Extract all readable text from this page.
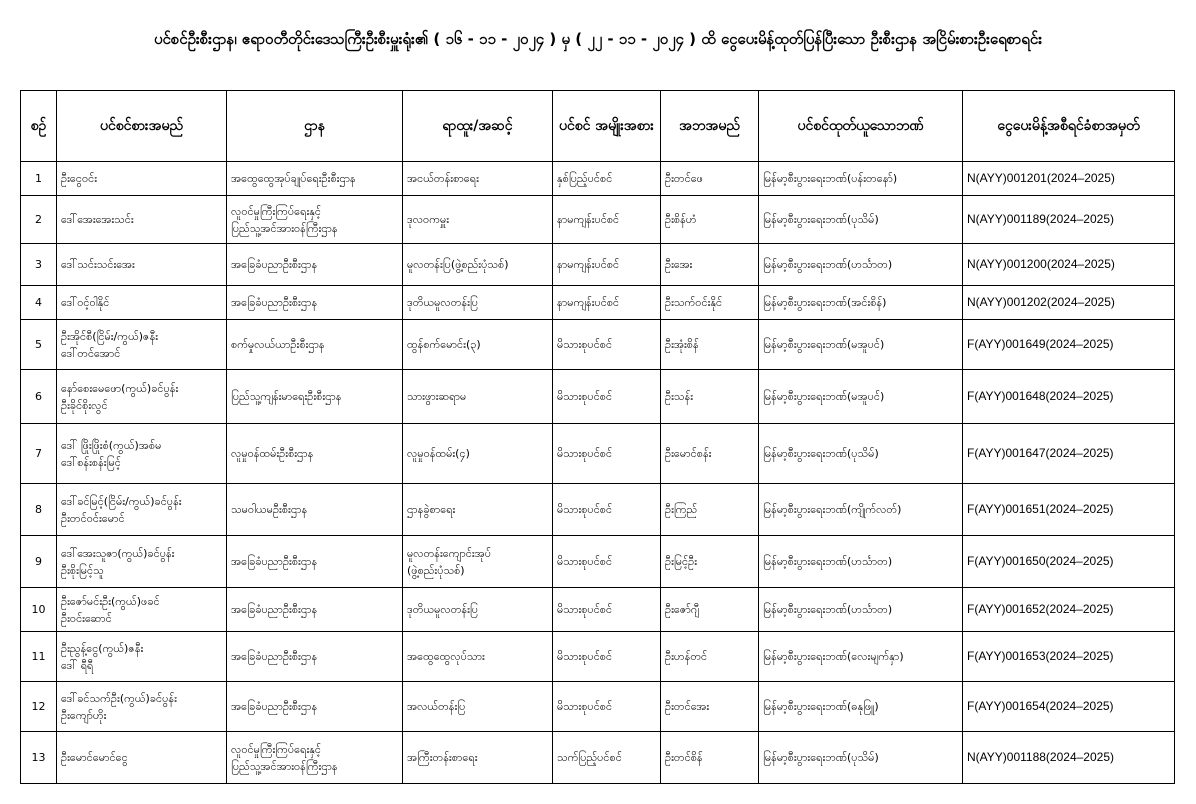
ပင်စင်ဦးစီးဌာန၊ ဧရာဝတီတိုင်းဒေသကြီးဦးစီးမှူးရုံး၏ ( ၁၆ - ၁၁ - ၂၀၂၄ ) မှ ( ၂၂ - ၁၁ - ၂၀၂၄ ) ထိ ငွေပေးမိန့်ထုတ်ပြန်ပြီးသော ဦးစီးဌာန အငြိမ်းစားဦးရေစာရင်း
စဥ်	ပင်စင်စားအမည်	ဌာန	ရာထူး/အဆင့်	ပင်စင် အမျိုးအစား	အဘအမည်	ပင်စင်ထုတ်ယူသောဘဏ်	ငွေပေးမိန့်အစီရင်ခံစာအမှတ်
1	ဦးငွေဝင်း	အထွေထွေအုပ်ချုပ်ရေးဦးစီးဌာန	အငယ်တန်းစာရေး	နှစ်ပြည့်ပင်စင်	ဦးတင်ဖေ	မြန်မာ့စီးပွားရေးဘဏ်(ပန်းတနော်)	N(AYY)001201(2024–2025)
2	ဒေါ်အေးအေးသင်း	လူဝင်မှုကြီးကြပ်ရေးနှင့်
ပြည်သူ့အင်အားဝန်ကြီးဌာန	ဒုလဝကမှူး	နာမကျန်းပင်စင်	ဦးစိန်ဟံ	မြန်မာ့စီးပွားရေးဘဏ်(ပုသိမ်)	N(AYY)001189(2024–2025)
3	ဒေါ်သင်းသင်းအေး	အခြေခံပညာဦးစီးဌာန	မူလတန်းပြ(ဖွဲ့စည်းပုံသစ်)	နာမကျန်းပင်စင်	ဦးအေး	မြန်မာ့စီးပွားရေးဘဏ်(ဟင်္သာတ)	N(AYY)001200(2024–2025)
4	ဒေါ်ဝင့်ဝါနိုင်	အခြေခံပညာဦးစီးဌာန	ဒုတိယမူလတန်းပြ	နာမကျန်းပင်စင်	ဦးသက်ဝင်းနိုင်	မြန်မာ့စီးပွားရေးဘဏ်(အင်းစိန်)	N(AYY)001202(2024–2025)
5	ဦးအိုင်စီ(ငြိမ်း/ကွယ်)ဇနီး
ဒေါ်တင်အောင်	စက်မှုလယ်ယာဦးစီးဌာန	ထွန်စက်မောင်း(၃)	မိသားစုပင်စင်	ဦးအုံးစိန်	မြန်မာ့စီးပွားရေးဘဏ်(မအူပင်)	F(AYY)001649(2024–2025)
6	နော်စေးမေဖော(ကွယ်)ခင်ပွန်း
ဦးခိုင်စိုးလွင်	ပြည်သူ့ကျန်းမာရေးဦးစီးဌာန	သားဖွားဆရာမ	မိသားစုပင်စင်	ဦးသန်း	မြန်မာ့စီးပွားရေးဘဏ်(မအူပင်)	F(AYY)001648(2024–2025)
7	ဒေါ် ဖြိုးဖြိုးစံ(ကွယ်)အစ်မ
ဒေါ်စန်းစန်းမြင့်	လူမှုဝန်ထမ်းဦးစီးဌာန	လူမှုဝန်ထမ်း(၄)	မိသားစုပင်စင်	ဦးမောင်စန်း	မြန်မာ့စီးပွားရေးဘဏ်(ပုသိမ်)	F(AYY)001647(2024–2025)
8	ဒေါ်ခင်မြင့်(ငြိမ်း/ကွယ်)ခင်ပွန်း
ဦးတင်ဝင်းမောင်	သမဝါယမဦးစီးဌာန	ဌာနခွဲစာရေး	မိသားစုပင်စင်	ဦးကြည်	မြန်မာ့စီးပွားရေးဘဏ်(ကျိုက်လတ်)	F(AYY)001651(2024–2025)
9	ဒေါ်အေးသူဇာ(ကွယ်)ခင်ပွန်း
ဦးစိုးမြင့်သူ	အခြေခံပညာဦးစီးဌာန	မူလတန်းကျောင်းအုပ်
(ဖွဲ့စည်းပုံသစ်)	မိသားစုပင်စင်	ဦးမြင့်ဦး	မြန်မာ့စီးပွားရေးဘဏ်(ဟင်္သာတ)	F(AYY)001650(2024–2025)
10	ဦးဇော်မင်းဦး(ကွယ်)ဖခင်
ဦးဝင်းဆောင်	အခြေခံပညာဦးစီးဌာန	ဒုတိယမူလတန်းပြ	မိသားစုပင်စင်	ဦးဇော်ဂျီ	မြန်မာ့စီးပွားရေးဘဏ်(ဟင်္သာတ)	F(AYY)001652(2024–2025)
11	ဦးညွန့်ငွေ(ကွယ်)ဇနီး
ဒေါ် ရီရီ	အခြေခံပညာဦးစီးဌာန	အထွေထွေလုပ်သား	မိသားစုပင်စင်	ဦးဟန်တင်	မြန်မာ့စီးပွားရေးဘဏ်(လေးမျက်နှာ)	F(AYY)001653(2024–2025)
12	ဒေါ်ခင်သက်ဦး(ကွယ်)ခင်ပွန်း
ဦးကျော်ဟိုး	အခြေခံပညာဦးစီးဌာန	အလယ်တန်းပြ	မိသားစုပင်စင်	ဦးတင်အေး	မြန်မာ့စီးပွားရေးဘဏ်(ဓနုဖြူ)	F(AYY)001654(2024–2025)
13	ဦးမောင်မောင်ငွေ	လူဝင်မှုကြီးကြပ်ရေးနှင့်
ပြည်သူ့အင်အားဝန်ကြီးဌာန	အကြီးတန်းစာရေး	သက်ပြည့်ပင်စင်	ဦးတင်စိန်	မြန်မာ့စီးပွားရေးဘဏ်(ပုသိမ်)	N(AYY)001188(2024–2025)
